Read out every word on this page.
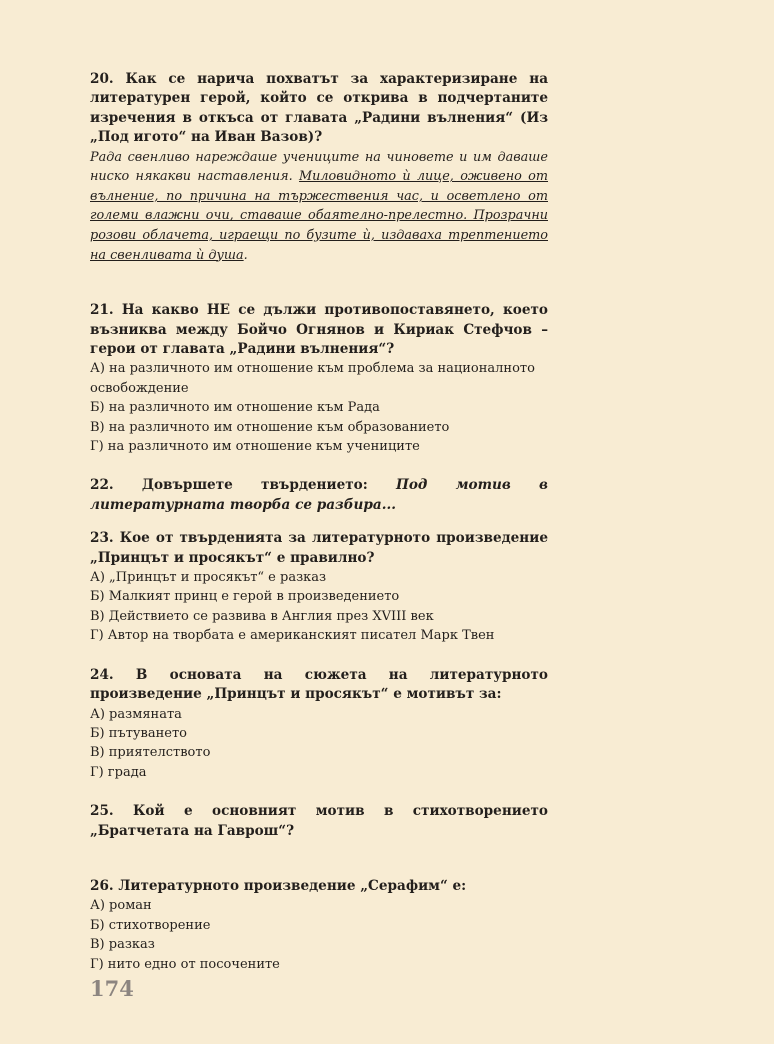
20. Как се нарича похватът за характеризиране на литературен герой, който се открива в подчертаните изречения в откъса от главата „Радини вълнения“ (Из „Под игото“ на Иван Вазов)?

Рада свенливо нареждаше учениците на чиновете и им даваше ниско някакви наставления. Миловидното ѝ лице, оживено от вълнение, по причина на тържествения час, и осветлено от големи влажни очи, ставаше обаятелно-прелестно. Прозрачни розови облачета, играещи по бузите ѝ, издаваха трептението на свенливата ѝ душа.

21. На какво НЕ се дължи противопоставянето, което възниква между Бойчо Огнянов и Кириак Стефчов – герои от главата „Радини вълнения“?

А) на различното им отношение към проблема за националното освобождение

Б) на различното им отношение към Рада

В) на различното им отношение към образованието

Г) на различното им отношение към учениците

22. Довършете твърдението: Под мотив в литературната творба се разбира...

23. Кое от твърденията за литературното произведение „Принцът и просякът“ е правилно?

А) „Принцът и просякът“ е разказ

Б) Малкият принц е герой в произведението

В) Действието се развива в Англия през XVIII век

Г) Автор на творбата е американският писател Марк Твен

24. В основата на сюжета на литературното произведение „Принцът и просякът“ е мотивът за:

А) размяната

Б) пътуването

В) приятелството

Г) града

25. Кой е основният мотив в стихотворението „Братчетата на Гаврош“?

26. Литературното произведение „Серафим“ е:

А) роман

Б) стихотворение

В) разказ

Г) нито едно от посочените

174
